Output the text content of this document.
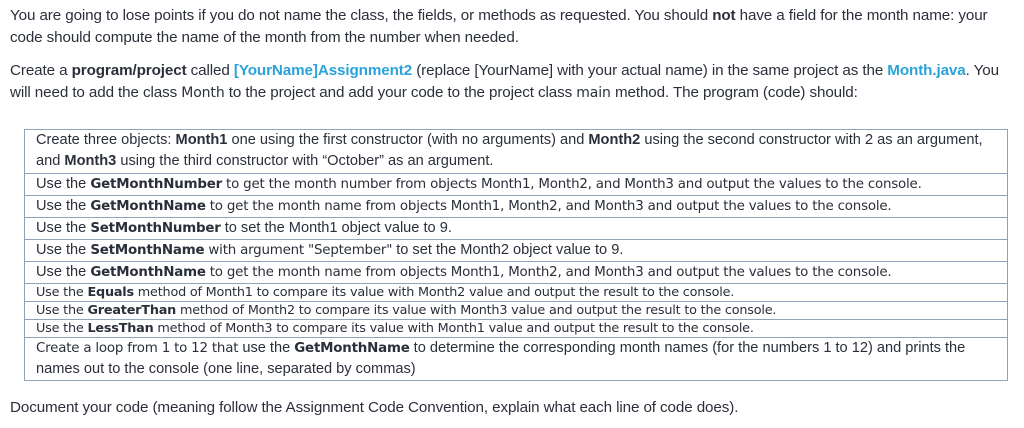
You are going to lose points if you do not name the class, the fields, or methods as requested. You should not have a field for the month name: your code should compute the name of the month from the number when needed.
Create a program/project called [YourName]Assignment2 (replace [YourName] with your actual name) in the same project as the Month.java. You will need to add the class Month to the project and add your code to the project class main method. The program (code) should:
Create three objects: Month1 one using the first constructor (with no arguments) and Month2 using the second constructor with 2 as an argument, and Month3 using the third constructor with “October” as an argument.
Use the GetMonthNumber to get the month number from objects Month1, Month2, and Month3 and output the values to the console.
Use the GetMonthName to get the month name from objects Month1, Month2, and Month3 and output the values to the console.
Use the SetMonthNumber to set the Month1 object value to 9.
Use the SetMonthName with argument "September" to set the Month2 object value to 9.
Use the GetMonthName to get the month name from objects Month1, Month2, and Month3 and output the values to the console.
Use the Equals method of Month1 to compare its value with Month2 value and output the result to the console.
Use the GreaterThan method of Month2 to compare its value with Month3 value and output the result to the console.
Use the LessThan method of Month3 to compare its value with Month1 value and output the result to the console.
Create a loop from 1 to 12 that use the GetMonthName to determine the corresponding month names (for the numbers 1 to 12) and prints the names out to the console (one line, separated by commas)
Document your code (meaning follow the Assignment Code Convention, explain what each line of code does).
